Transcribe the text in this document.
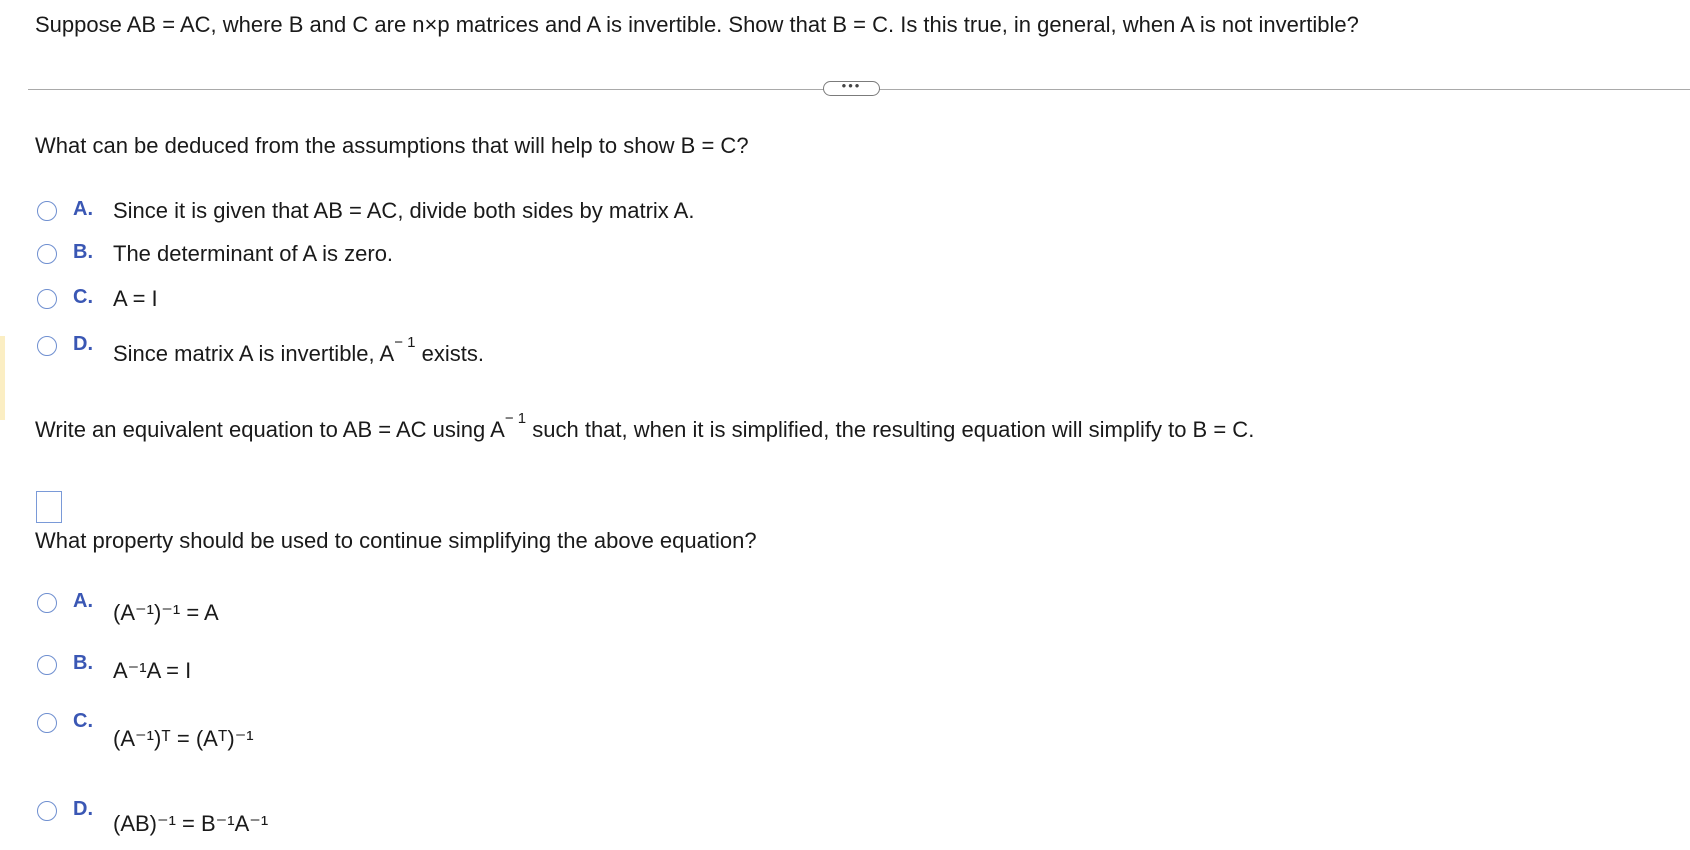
Suppose AB = AC, where B and C are n×p matrices and A is invertible. Show that B = C. Is this true, in general, when A is not invertible?
•••
What can be deduced from the assumptions that will help to show B = C?
A. Since it is given that AB = AC, divide both sides by matrix A.
B. The determinant of A is zero.
C. A = I
D. Since matrix A is invertible, $A^{- 1}$ exists.
Write an equivalent equation to AB = AC using $A^{- 1}$ such that, when it is simplified, the resulting equation will simplify to B = C.
What property should be used to continue simplifying the above equation?
A. (A⁻¹)⁻¹ = A
B. A⁻¹A = I
C.
(A⁻¹)ᵀ = (Aᵀ)⁻¹
D.
(AB)⁻¹ = B⁻¹A⁻¹
